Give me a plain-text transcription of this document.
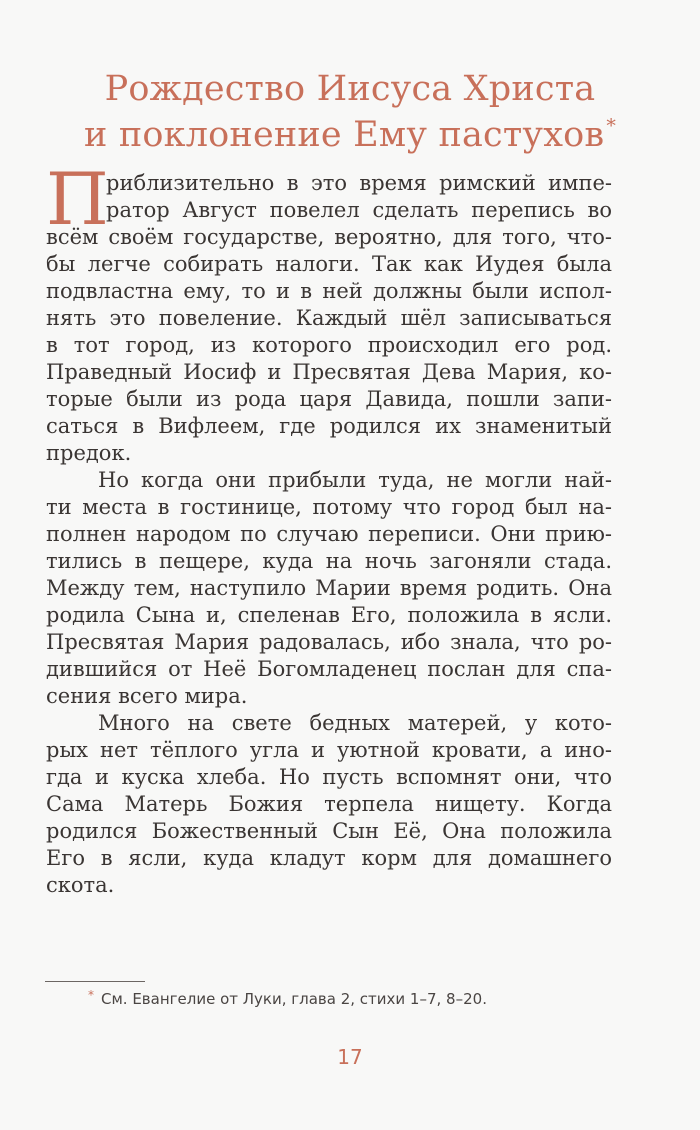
Рождество Иисуса Христа
и поклонение Ему пастухов *
П
риблизительно в это время римский импе-
ратор Август повелел сделать перепись во
всём своём государстве, вероятно, для того, что-
бы легче собирать налоги. Так как Иудея была
подвластна ему, то и в ней должны были испол-
нять это повеление. Каждый шёл записываться
в тот город, из которого происходил его род.
Праведный Иосиф и Пресвятая Дева Мария, ко-
торые были из рода царя Давида, пошли запи-
саться в Вифлеем, где родился их знаменитый
предок.
Но когда они прибыли туда, не могли най-
ти места в гостинице, потому что город был на-
полнен народом по случаю переписи. Они прию-
тились в пещере, куда на ночь загоняли стада.
Между тем, наступило Марии время родить. Она
родила Сына и, спеленав Его, положила в ясли.
Пресвятая Мария радовалась, ибо знала, что ро-
дившийся от Неё Богомладенец послан для спа-
сения всего мира.
Много на свете бедных матерей, у кото-
рых нет тёплого угла и уютной кровати, а ино-
гда и куска хлеба. Но пусть вспомнят они, что
Сама Матерь Божия терпела нищету. Когда
родился Божественный Сын Её, Она положила
Его в ясли, куда кладут корм для домашнего
скота.
* См. Евангелие от Луки, глава 2, стихи 1–7, 8–20.
17
